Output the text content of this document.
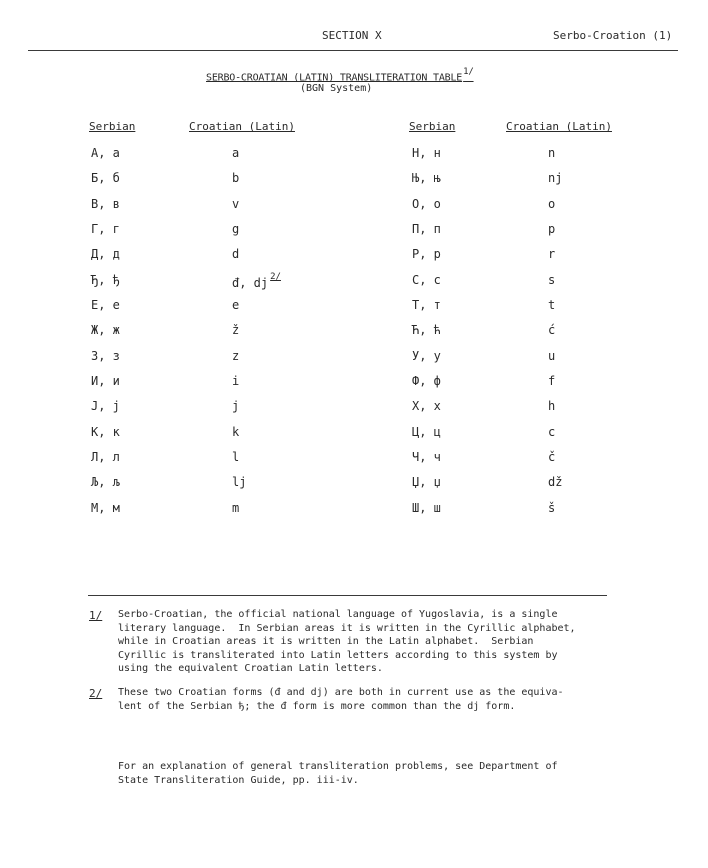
SECTION X	Serbo-Croation (1)
SERBO-CROATIAN (LATIN) TRANSLITERATION $TABLE^{1/}$
(BGN System)
Serbian	Croatian (Latin)	Serbian	Croatian (Latin)
А, а	a	Н, н	n
Б, б	b	Њ, њ	nj
В, в	v	О, о	o
Г, г	g	П, п	p
Д, д	d	Р, р	r
Ђ, ђ	đ, dj $^{2/}$	С, с	s
Е, е	e	Т, т	t
Ж, ж	ž	Ћ, ћ	ć
З, з	z	У, у	u
И, и	i	Ф, ф	f
Ј, ј	j	Х, х	h
К, к	k	Ц, ц	c
Л, л	l	Ч, ч	č
Љ, љ	lj	Џ, џ	dž
М, м	m	Ш, ш	š
1/ Serbo-Croatian, the official national language of Yugoslavia, is a single
literary language.  In Serbian areas it is written in the Cyrillic alphabet,
while in Croatian areas it is written in the Latin alphabet.  Serbian
Cyrillic is transliterated into Latin letters according to this system by
using the equivalent Croatian Latin letters.
2/ These two Croatian forms (đ and dj) are both in current use as the equiva-
lent of the Serbian ђ; the đ form is more common than the dj form.
For an explanation of general transliteration problems, see Department of
State Transliteration Guide, pp. iii-iv.
